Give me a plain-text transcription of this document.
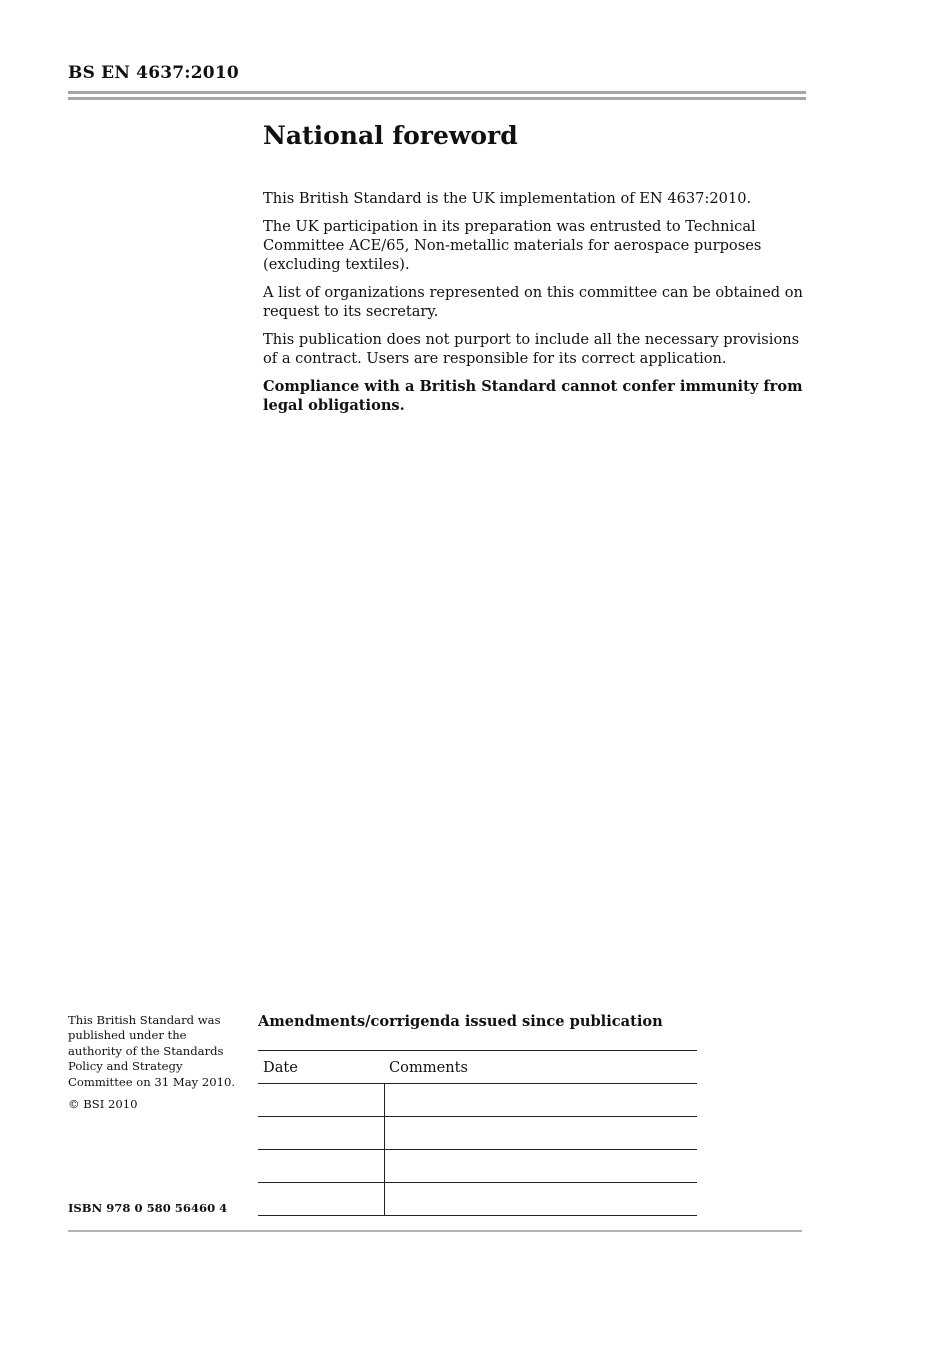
BS EN 4637:2010
National foreword

This British Standard is the UK implementation of EN 4637:2010.

The UK participation in its preparation was entrusted to Technical Committee ACE/65, Non-metallic materials for aerospace purposes (excluding textiles).

A list of organizations represented on this committee can be obtained on request to its secretary.

This publication does not purport to include all the necessary provisions of a contract. Users are responsible for its correct application.

Compliance with a British Standard cannot confer immunity from legal obligations.

This British Standard was published under the authority of the Standards Policy and Strategy Committee on 31 May 2010.

© BSI 2010

ISBN 978 0 580 56460 4
Amendments/corrigenda issued since publication
Date	Comments
